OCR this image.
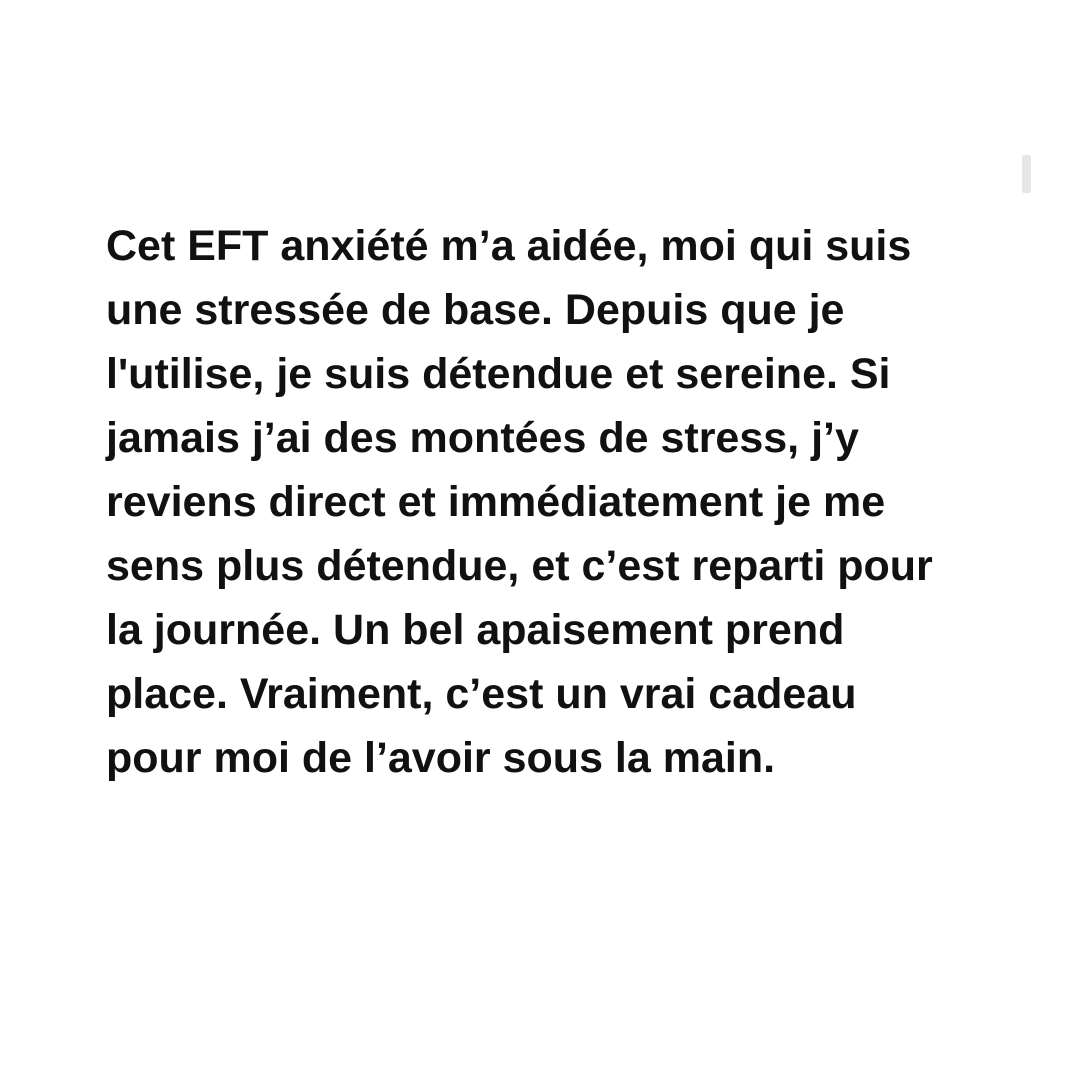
Cet EFT anxiété m’a aidée, moi qui suis
une stressée de base. Depuis que je
l'utilise, je suis détendue et sereine. Si
jamais j’ai des montées de stress, j’y
reviens direct et immédiatement je me
sens plus détendue, et c’est reparti pour
la journée. Un bel apaisement prend
place. Vraiment, c’est un vrai cadeau
pour moi de l’avoir sous la main.
